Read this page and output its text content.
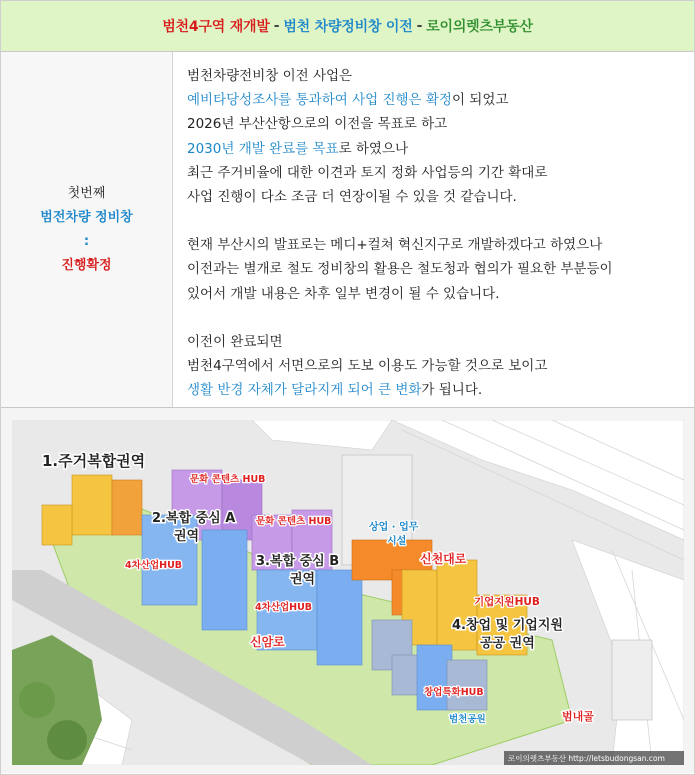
범천4구역 재개발 - 범천 차량정비창 이전 - 로이의렛츠부동산
첫번째
범전차량 정비창
:
진행확정

범천차량전비창 이전 사업은

예비타당성조사를 통과하여 사업 진행은 확정이 되었고

2026년 부산산항으로의 이전을 목표로 하고

2030년 개발 완료를 목표로 하였으나

최근 주거비율에 대한 이견과 토지 정화 사업등의 기간 확대로

사업 진행이 다소 조금 더 연장이될 수 있을 것 같습니다.

현재 부산시의 발표로는 메디+컬쳐 혁신지구로 개발하겠다고 하였으나

이전과는 별개로 철도 정비창의 활용은 철도청과 협의가 필요한 부분등이

있어서 개발 내용은 차후 일부 변경이 될 수 있습니다.

이전이 완료되면

범천4구역에서 서면으로의 도보 이용도 가능할 것으로 보이고

생활 반경 자체가 달라지게 되어 큰 변화가 됩니다.

1.주거복합권역
문화 콘텐츠 HUB
2.복합 중심 A
권역
문화 콘텐츠 HUB
상업 · 업무
시설
4차산업HUB	3.복합 중심 B
권역
신천대로
기업지원HUB
4차산업HUB
4.창업 및 기업지원
공공 권역
신암로
창업특화HUB
범내골
범천공원
로이의렛츠부동산 http://letsbudongsan.com
